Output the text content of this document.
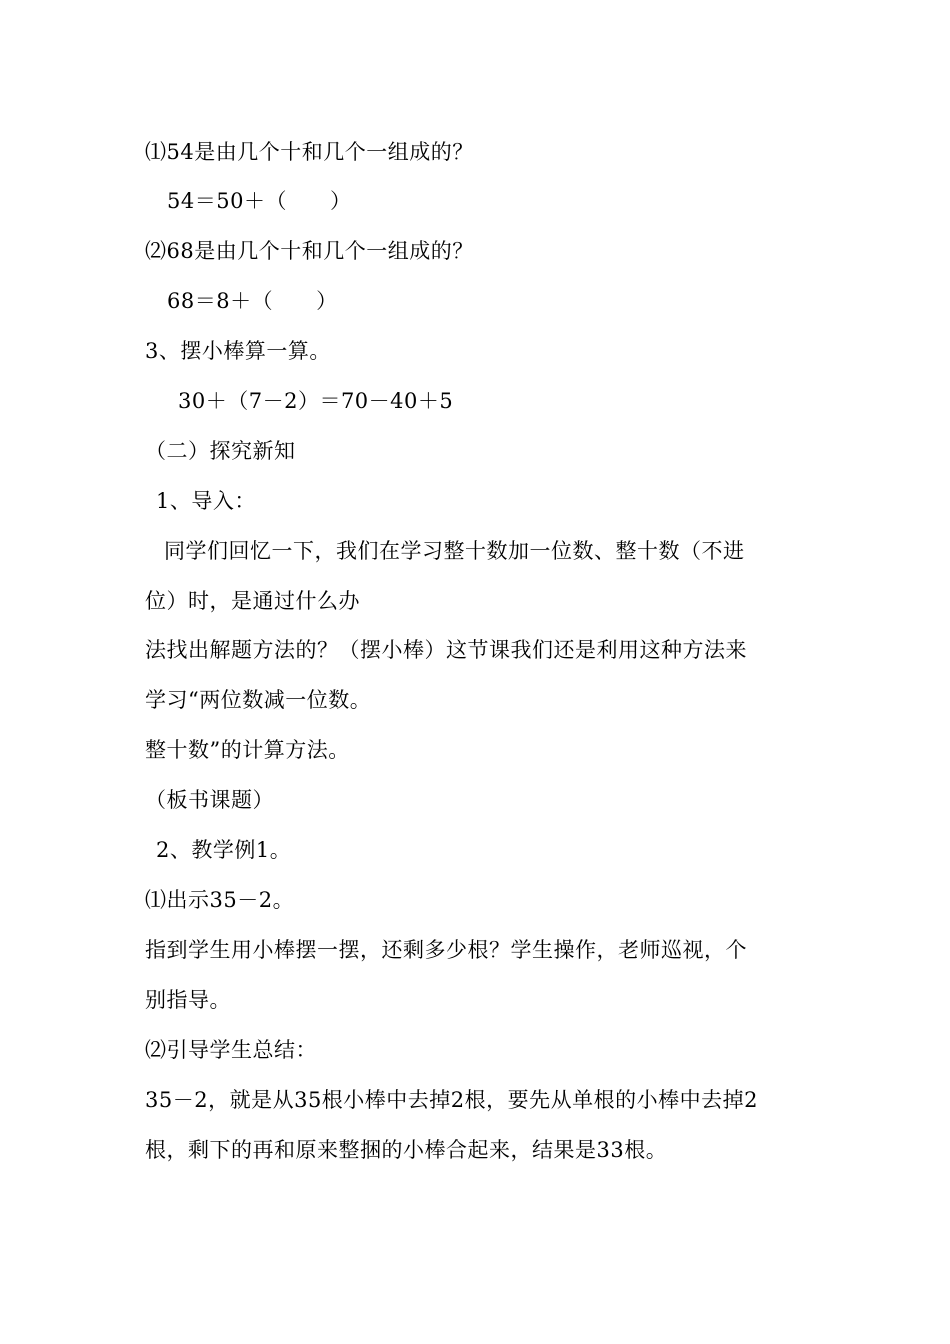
⑴54是由几个十和几个一组成的？
54＝50＋（　　）
⑵68是由几个十和几个一组成的？
68＝8＋（　　）
3、摆小棒算一算。
30＋（7－2）＝70－40＋5
（二）探究新知
1、导入：
同学们回忆一下，我们在学习整十数加一位数、整十数（不进
位）时，是通过什么办
法找出解题方法的？（摆小棒）这节课我们还是利用这种方法来
学习“两位数减一位数。
整十数”的计算方法。
（板书课题）
2、教学例1。
⑴出示35－2。
指到学生用小棒摆一摆，还剩多少根？学生操作，老师巡视，个
别指导。
⑵引导学生总结：
35－2，就是从35根小棒中去掉2根，要先从单根的小棒中去掉2
根，剩下的再和原来整捆的小棒合起来，结果是33根。
